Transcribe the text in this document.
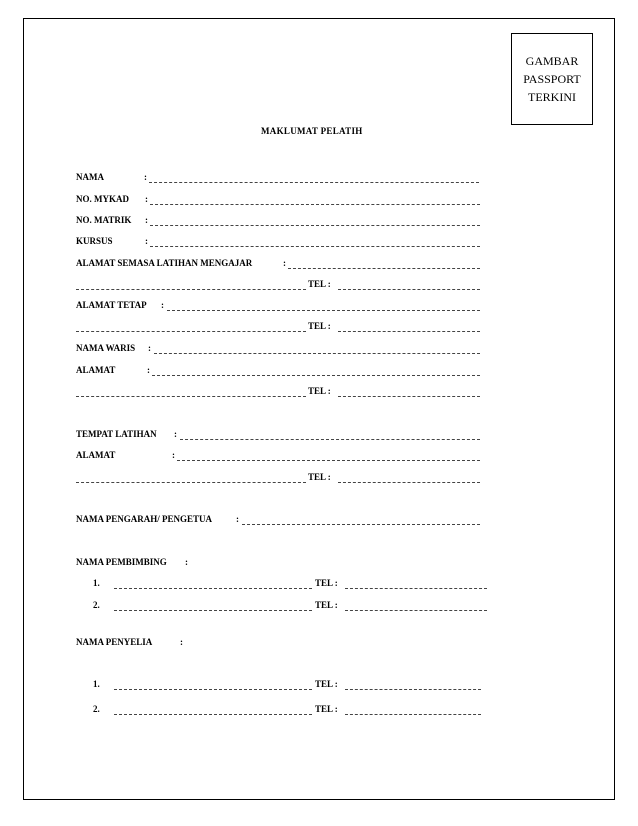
GAMBAR
PASSPORT
TERKINI
MAKLUMAT PELATIH
NAMA	:
NO. MYKAD :
NO. MATRIK :
KURSUS	:
ALAMAT SEMASA LATIHAN MENGAJAR	:
TEL :
ALAMAT TETAP :
TEL :
NAMA WARIS :
ALAMAT	:
TEL :
TEMPAT LATIHAN :
ALAMAT	:
TEL :
NAMA PENGARAH/ PENGETUA	:
NAMA PEMBIMBING :
1.	TEL :
2.	TEL :
NAMA PENYELIA	:
1.	TEL :
2.	TEL :
